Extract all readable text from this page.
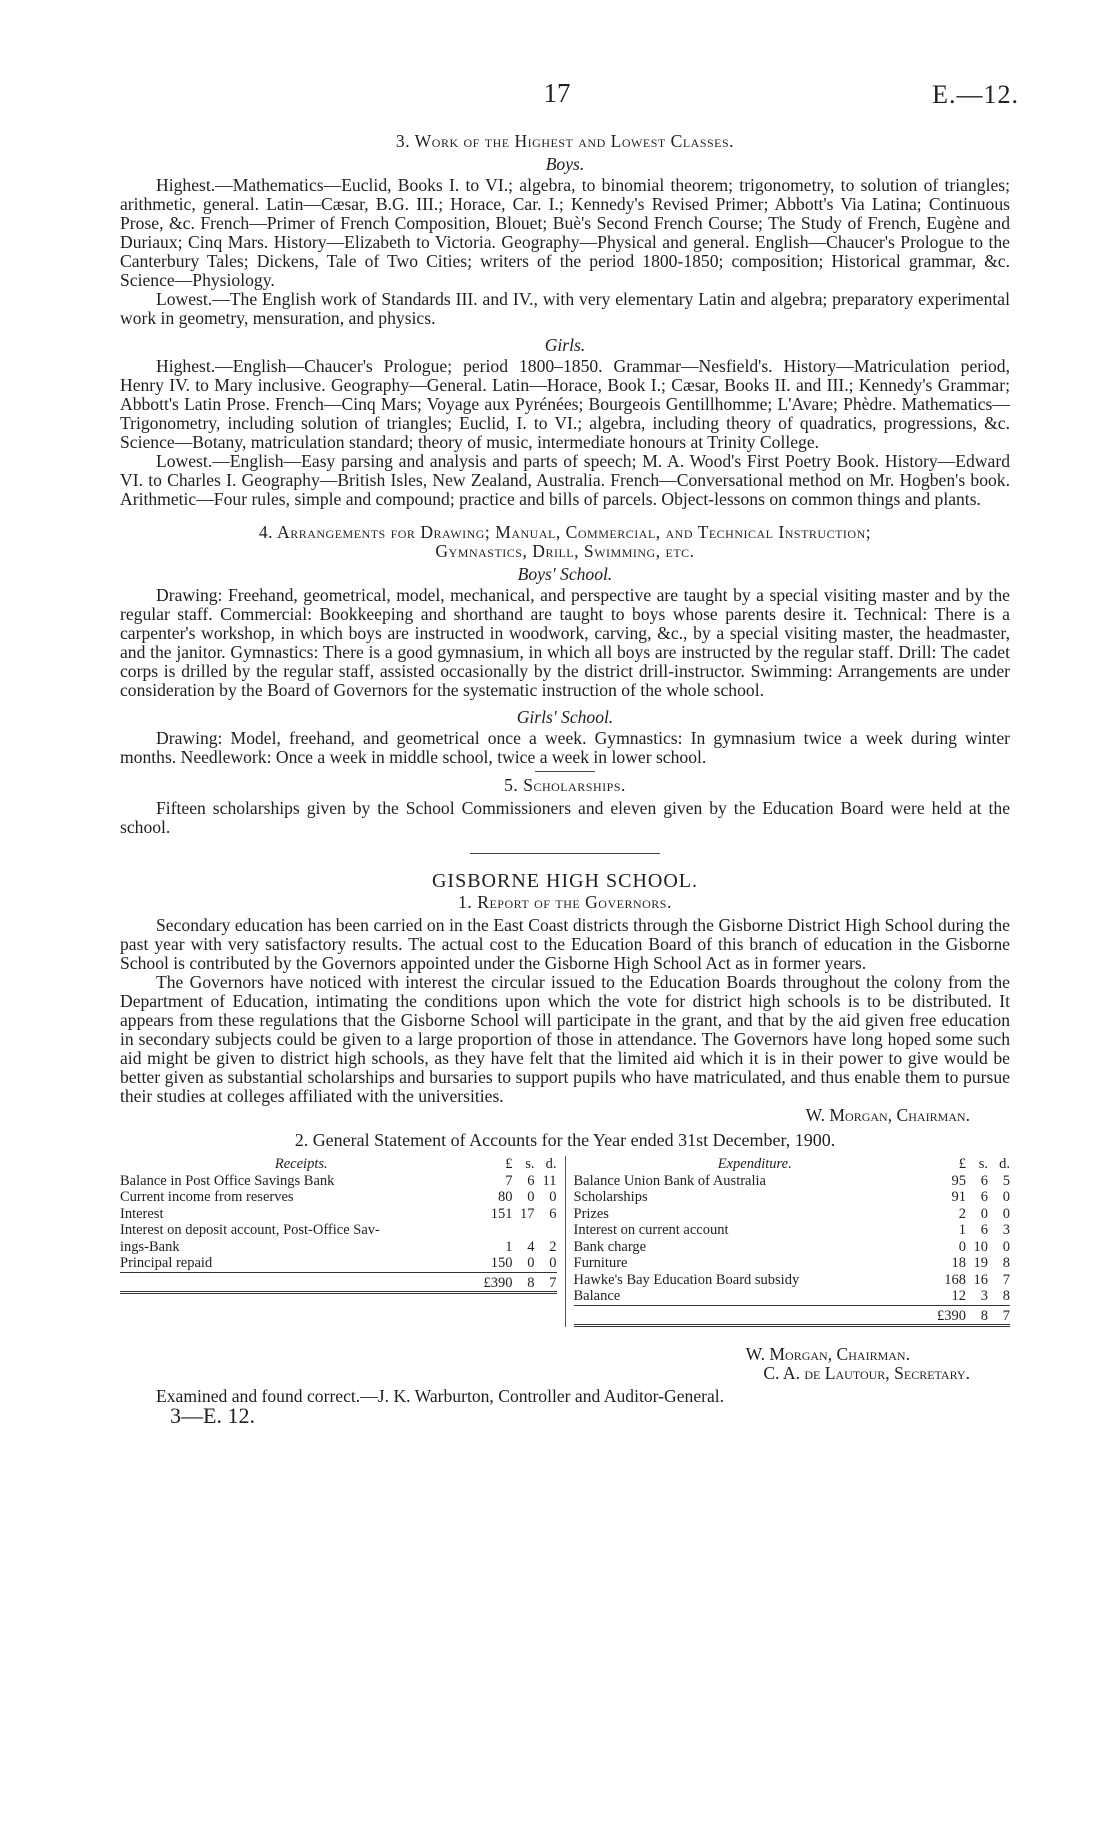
17	E.—12.
3. Work of the Highest and Lowest Classes.
Boys.

Highest.—Mathematics—Euclid, Books I. to VI.; algebra, to binomial theorem; trigonometry, to solution of triangles; arithmetic, general. Latin—Cæsar, B.G. III.; Horace, Car. I.; Kennedy's Revised Primer; Abbott's Via Latina; Continuous Prose, &c. French—Primer of French Composition, Blouet; Buè's Second French Course; The Study of French, Eugène and Duriaux; Cinq Mars. History—Elizabeth to Victoria. Geography—Physical and general. English—Chaucer's Prologue to the Canterbury Tales; Dickens, Tale of Two Cities; writers of the period 1800-1850; composition; Historical grammar, &c. Science—Physiology.

Lowest.—The English work of Standards III. and IV., with very elementary Latin and algebra; preparatory experimental work in geometry, mensuration, and physics.

Girls.

Highest.—English—Chaucer's Prologue; period 1800–1850. Grammar—Nesfield's. History—Matriculation period, Henry IV. to Mary inclusive. Geography—General. Latin—Horace, Book I.; Cæsar, Books II. and III.; Kennedy's Grammar; Abbott's Latin Prose. French—Cinq Mars; Voyage aux Pyrénées; Bourgeois Gentillhomme; L'Avare; Phèdre. Mathematics—Trigonometry, including solution of triangles; Euclid, I. to VI.; algebra, including theory of quadratics, progressions, &c. Science—Botany, matriculation standard; theory of music, intermediate honours at Trinity College.

Lowest.—English—Easy parsing and analysis and parts of speech; M. A. Wood's First Poetry Book. History—Edward VI. to Charles I. Geography—British Isles, New Zealand, Australia. French—Conversational method on Mr. Hogben's book. Arithmetic—Four rules, simple and compound; practice and bills of parcels. Object-lessons on common things and plants.

4. Arrangements for Drawing; Manual, Commercial, and Technical Instruction;
Gymnastics, Drill, Swimming, etc.
Boys' School.

Drawing: Freehand, geometrical, model, mechanical, and perspective are taught by a special visiting master and by the regular staff. Commercial: Bookkeeping and shorthand are taught to boys whose parents desire it. Technical: There is a carpenter's workshop, in which boys are instructed in woodwork, carving, &c., by a special visiting master, the headmaster, and the janitor. Gymnastics: There is a good gymnasium, in which all boys are instructed by the regular staff. Drill: The cadet corps is drilled by the regular staff, assisted occasionally by the district drill-instructor. Swimming: Arrangements are under consideration by the Board of Governors for the systematic instruction of the whole school.

Girls' School.

Drawing: Model, freehand, and geometrical once a week. Gymnastics: In gymnasium twice a week during winter months. Needlework: Once a week in middle school, twice a week in lower school.

5. Scholarships.

Fifteen scholarships given by the School Commissioners and eleven given by the Education Board were held at the school.

GISBORNE HIGH SCHOOL.
1. Report of the Governors.

Secondary education has been carried on in the East Coast districts through the Gisborne District High School during the past year with very satisfactory results. The actual cost to the Education Board of this branch of education in the Gisborne School is contributed by the Governors appointed under the Gisborne High School Act as in former years.

The Governors have noticed with interest the circular issued to the Education Boards throughout the colony from the Department of Education, intimating the conditions upon which the vote for district high schools is to be distributed. It appears from these regulations that the Gisborne School will participate in the grant, and that by the aid given free education in secondary subjects could be given to a large proportion of those in attendance. The Governors have long hoped some such aid might be given to district high schools, as they have felt that the limited aid which it is in their power to give would be better given as substantial scholarships and bursaries to support pupils who have matriculated, and thus enable them to pursue their studies at colleges affiliated with the universities.

W. Morgan, Chairman.
2. General Statement of Accounts for the Year ended 31st December, 1900.
Receipts.	£	s.	d.
Balance in Post Office Savings Bank	7	6	11
Current income from reserves	80	0	0
Interest	151	17	6
Interest on deposit account, Post-Office Sav-			
ings-Bank	1	4	2
Principal repaid	150	0	0
	£390	8	7
Expenditure.	£	s.	d.
Balance Union Bank of Australia	95	6	5
Scholarships	91	6	0
Prizes	2	0	0
Interest on current account	1	6	3
Bank charge	0	10	0
Furniture	18	19	8
Hawke's Bay Education Board subsidy	168	16	7
Balance	12	3	8
	£390	8	7
W. Morgan, Chairman.
C. A. de Lautour, Secretary.
Examined and found correct.—J. K. Warburton, Controller and Auditor-General.
3—E. 12.
